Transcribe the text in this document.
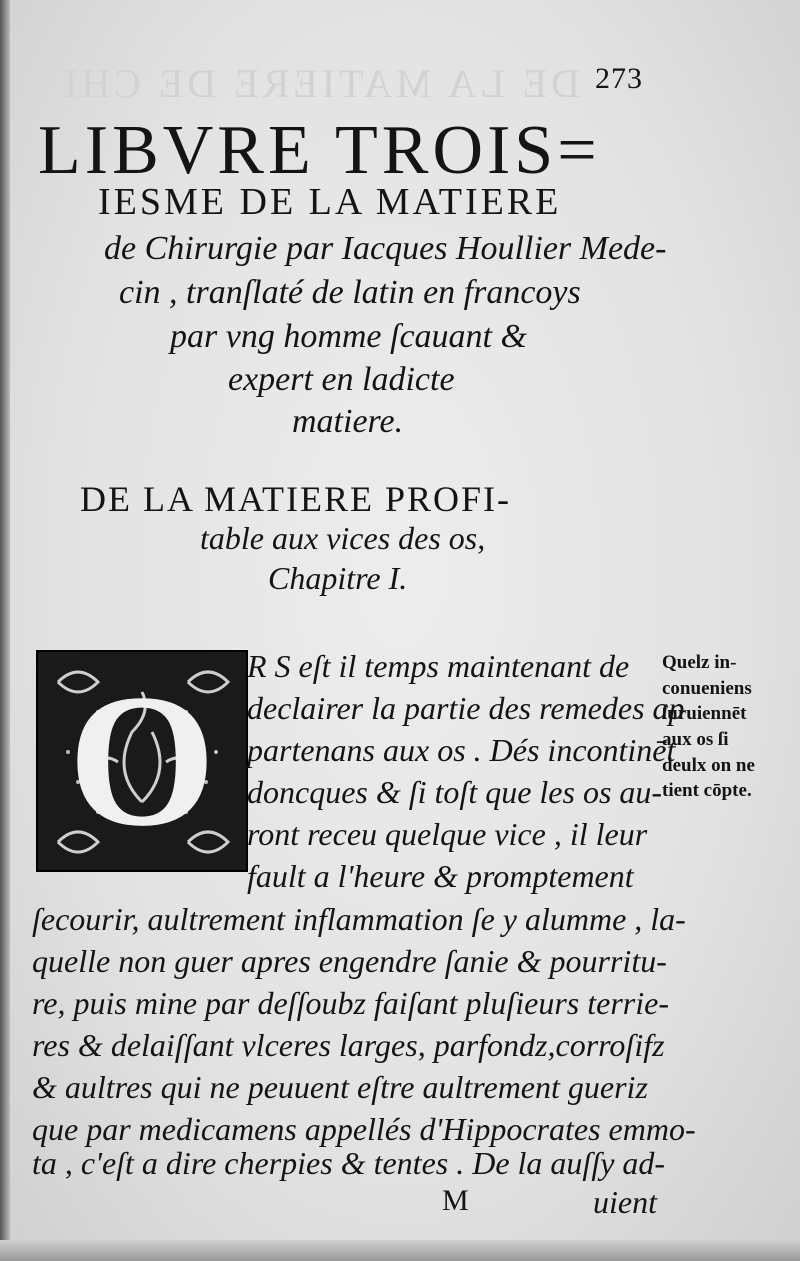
DE LA MATIERE DE CHI 273
LIBVRE TROIS=
IESME DE LA MATIERE
de Chirurgie par Iacques Houllier Mede-
cin , tranſlaté de latin en francoys
par vng homme ſcauant &
expert en ladicte
matiere.
DE LA MATIERE PROFI-
table aux vices des os,
Chapitre I.
O R S eſt il temps maintenant de
declairer la partie des remedes ap
partenans aux os . Dés incontinēt
doncques & ſi toſt que les os au-
ront receu quelque vice , il leur
fault a l'heure & promptement
ſecourir, aultrement inflammation ſe y alumme , la-
quelle non guer apres engendre ſanie & pourritu-
re, puis mine par deſſoubz faiſant pluſieurs terrie-
res & delaiſſant vlceres larges, parfondz,corroſifz
& aultres qui ne peuuent eſtre aultrement gueriz
que par medicamens appellés d'Hippocrates emmo-
ta , c'eſt a dire cherpies & tentes . De la auſſy ad-
Quelz in-
conueniens
ſuruiennēt
aux os ſi
deulx on ne
tient cōpte.
M	uient
